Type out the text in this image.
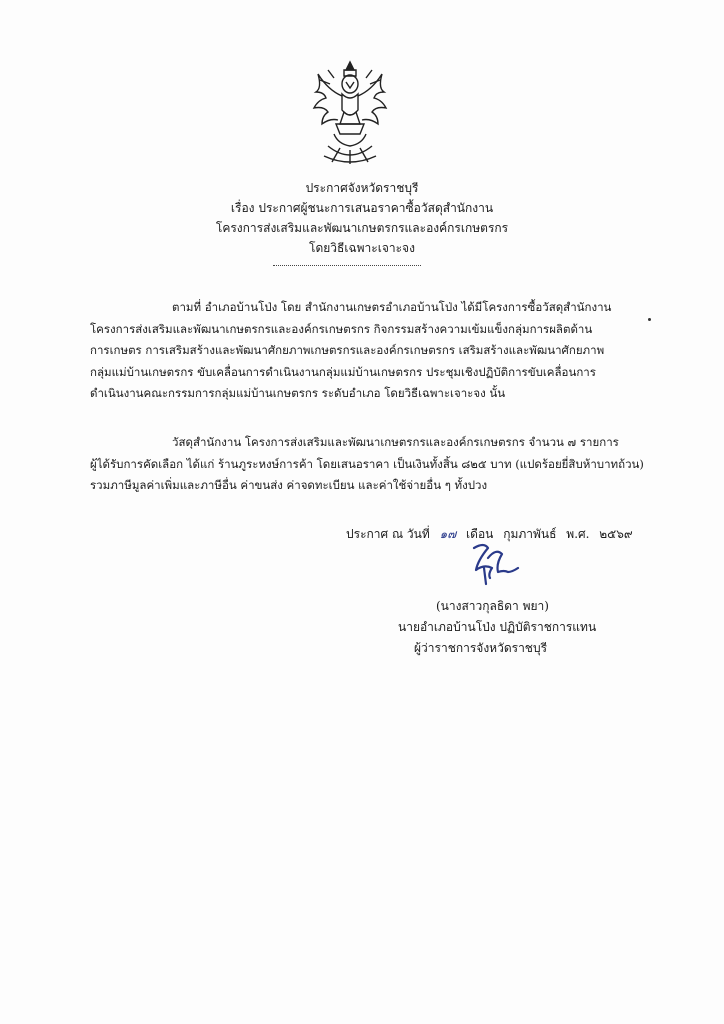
ประกาศจังหวัดราชบุรี
เรื่อง ประกาศผู้ชนะการเสนอราคาซื้อวัสดุสำนักงาน
โครงการส่งเสริมและพัฒนาเกษตรกรและองค์กรเกษตรกร
โดยวิธีเฉพาะเจาะจง
ตามที่ อำเภอบ้านโป่ง โดย สำนักงานเกษตรอำเภอบ้านโป่ง ได้มีโครงการซื้อวัสดุสำนักงาน
โครงการส่งเสริมและพัฒนาเกษตรกรและองค์กรเกษตรกร กิจกรรมสร้างความเข้มแข็งกลุ่มการผลิตด้าน
การเกษตร การเสริมสร้างและพัฒนาศักยภาพเกษตรกรและองค์กรเกษตรกร เสริมสร้างและพัฒนาศักยภาพ
กลุ่มแม่บ้านเกษตรกร ขับเคลื่อนการดำเนินงานกลุ่มแม่บ้านเกษตรกร ประชุมเชิงปฏิบัติการขับเคลื่อนการ
ดำเนินงานคณะกรรมการกลุ่มแม่บ้านเกษตรกร ระดับอำเภอ โดยวิธีเฉพาะเจาะจง นั้น
วัสดุสำนักงาน โครงการส่งเสริมและพัฒนาเกษตรกรและองค์กรเกษตรกร จำนวน ๗ รายการ
ผู้ได้รับการคัดเลือก ได้แก่ ร้านภูระหงษ์การค้า โดยเสนอราคา เป็นเงินทั้งสิ้น ๘๒๕ บาท (แปดร้อยยี่สิบห้าบาทถ้วน)
รวมภาษีมูลค่าเพิ่มและภาษีอื่น ค่าขนส่ง ค่าจดทะเบียน และค่าใช้จ่ายอื่น ๆ ทั้งปวง
ประกาศ ณ วันที่ ๑๗ เดือน กุมภาพันธ์ พ.ศ. ๒๕๖๙
(นางสาวกุลธิดา พยา)
นายอำเภอบ้านโป่ง ปฏิบัติราชการแทน
ผู้ว่าราชการจังหวัดราชบุรี
